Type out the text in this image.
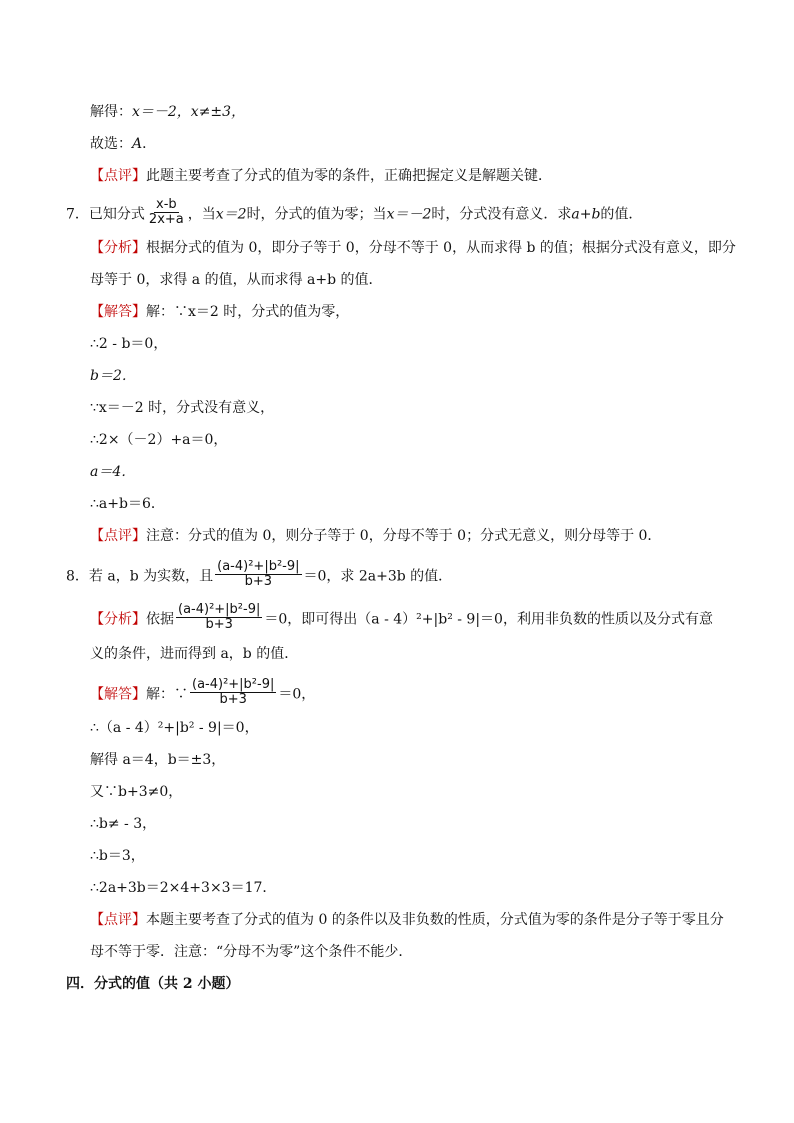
解得：x＝－2，x≠±3，
故选：A．
【点评】此题主要考查了分式的值为零的条件，正确把握定义是解题关键．
7．已知分式 $\frac{x-b}{2x+a}$ ，当x＝2时，分式的值为零；当x＝－2时，分式没有意义．求a+b的值．
【分析】根据分式的值为 0，即分子等于 0，分母不等于 0，从而求得 b 的值；根据分式没有意义，即分
母等于 0，求得 a 的值，从而求得 a+b 的值．
【解答】解：∵x＝2 时，分式的值为零，
∴2 - b＝0，
b＝2．
∵x＝－2 时，分式没有意义，
∴2×（－2）+a＝0，
a＝4．
∴a+b＝6．
【点评】注意：分式的值为 0，则分子等于 0，分母不等于 0；分式无意义，则分母等于 0．
8．若 a，b 为实数，且 $\frac{\text{(a-4)²+|b²-9|}}{b+3} =0$，求 2a+3b 的值．
【分析】依据 $\frac{\text{(a-4)²+|b²-9|}}{b+3} =0$，即可得出（a - 4）²+|b² - 9|＝0，利用非负数的性质以及分式有意
义的条件，进而得到 a，b 的值．
【解答】解：∵ $\frac{\text{(a-4)²+|b²-9|}}{b+3} =0$，
∴（a - 4）²+|b² - 9|＝0，
解得 a＝4，b＝±3，
又∵b+3≠0，
∴b≠ - 3，
∴b＝3，
∴2a+3b＝2×4+3×3＝17．
【点评】本题主要考查了分式的值为 0 的条件以及非负数的性质，分式值为零的条件是分子等于零且分
母不等于零．注意：“分母不为零”这个条件不能少．
四．分式的值（共 2 小题）
